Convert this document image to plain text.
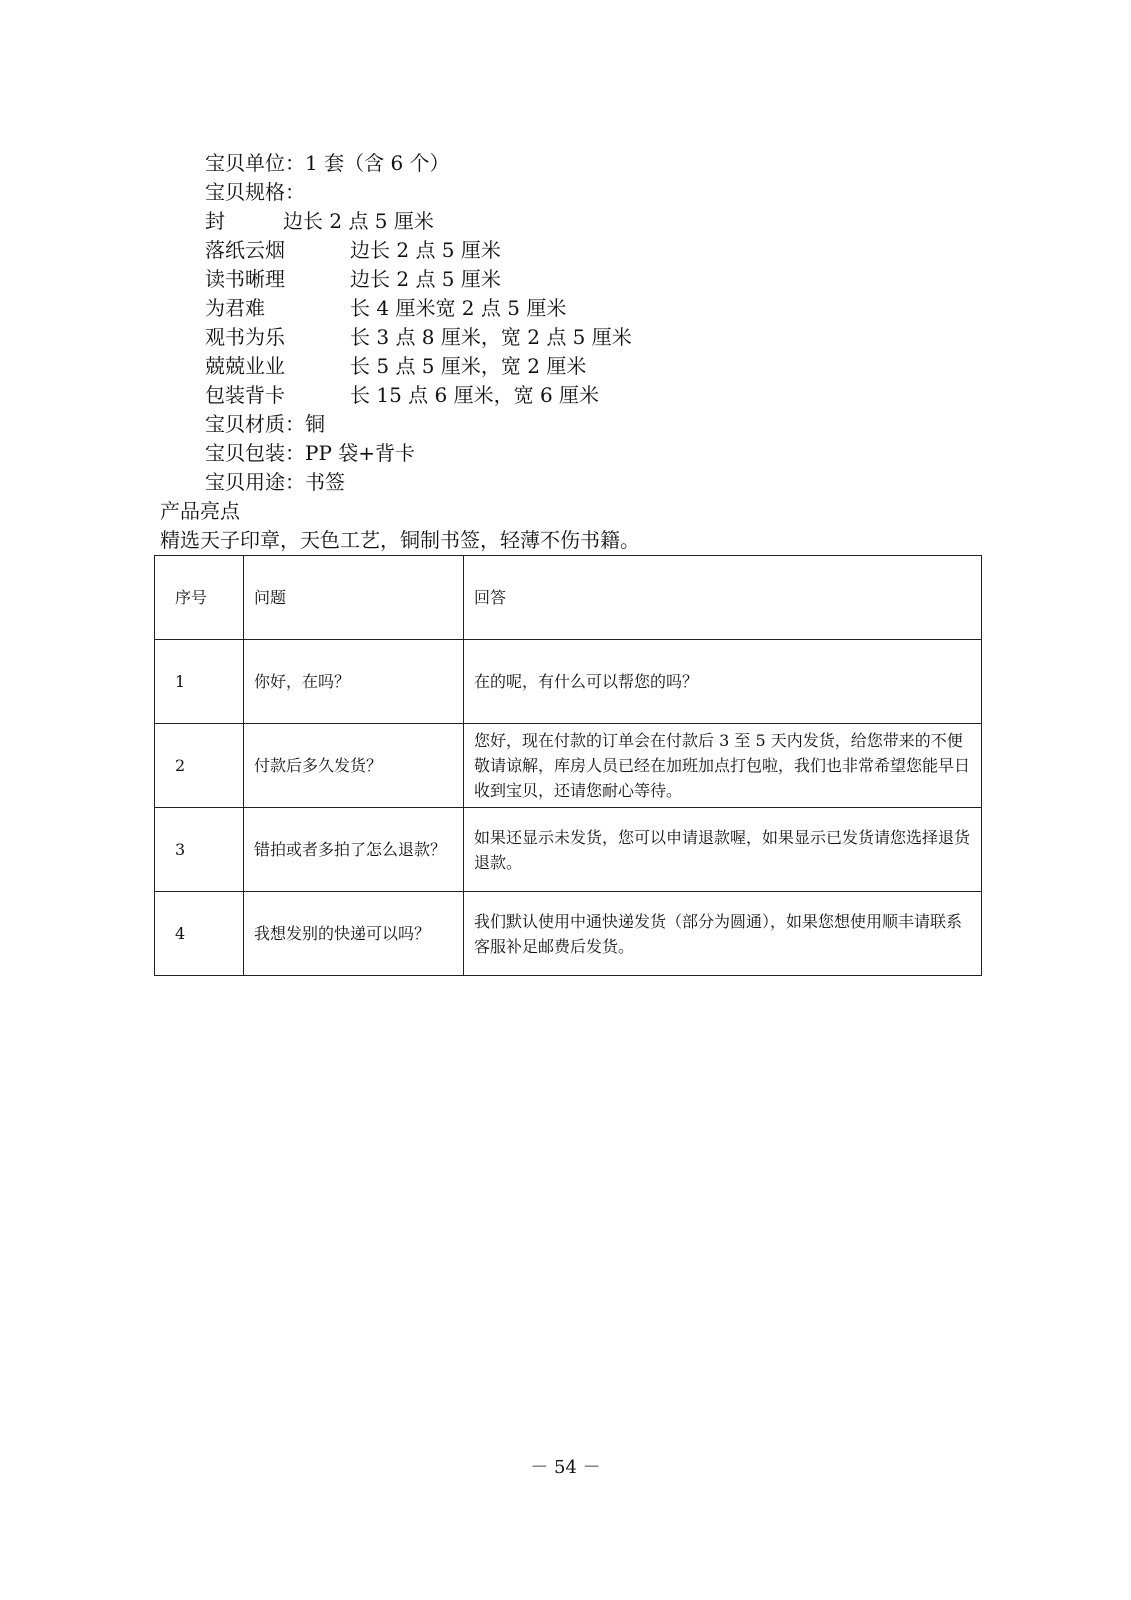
宝贝单位：1 套（含 6 个）
宝贝规格：
封	边长 2 点 5 厘米
落纸云烟	边长 2 点 5 厘米
读书晰理	边长 2 点 5 厘米
为君难	长 4 厘米宽 2 点 5 厘米
观书为乐	长 3 点 8 厘米，宽 2 点 5 厘米
兢兢业业	长 5 点 5 厘米，宽 2 厘米
包装背卡	长 15 点 6 厘米，宽 6 厘米
宝贝材质：铜
宝贝包装：PP 袋+背卡
宝贝用途：书签
产品亮点
精选天子印章，天色工艺，铜制书签，轻薄不伤书籍。
序号	问题	回答
1	你好，在吗？	在的呢，有什么可以帮您的吗？
2	付款后多久发货？	您好，现在付款的订单会在付款后 3 至 5 天内发货，给您带来的不便敬请谅解，库房人员已经在加班加点打包啦，我们也非常希望您能早日收到宝贝，还请您耐心等待。
3	错拍或者多拍了怎么退款？	如果还显示未发货，您可以申请退款喔，如果显示已发货请您选择退货退款。
4	我想发别的快递可以吗？	我们默认使用中通快递发货（部分为圆通），如果您想使用顺丰请联系客服补足邮费后发货。
－ 54 －
